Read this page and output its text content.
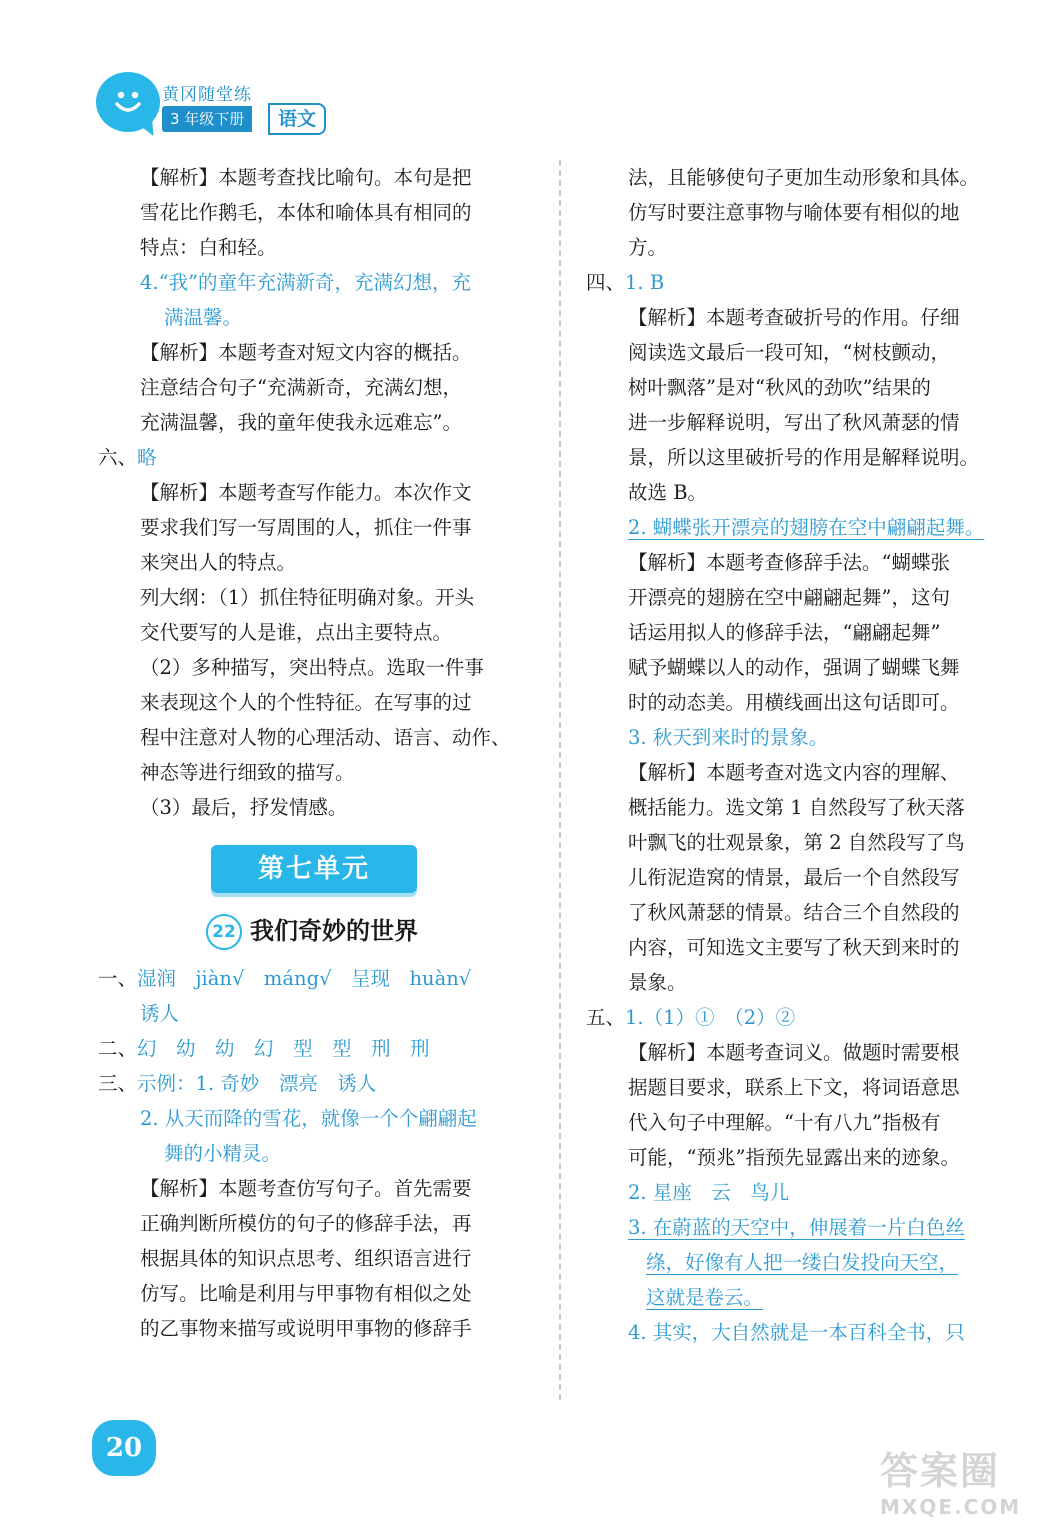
黄冈随堂练
3 年级下册	语文
【解析】本题考查找比喻句。本句是把
雪花比作鹅毛，本体和喻体具有相同的
特点：白和轻。
4.“我”的童年充满新奇，充满幻想，充
满温馨。
【解析】本题考查对短文内容的概括。
注意结合句子“充满新奇，充满幻想，
充满温馨，我的童年使我永远难忘”。
六、略
【解析】本题考查写作能力。本次作文
要求我们写一写周围的人，抓住一件事
来突出人的特点。
列大纲：（1）抓住特征明确对象。开头
交代要写的人是谁，点出主要特点。
（2）多种描写，突出特点。选取一件事
来表现这个人的个性特征。在写事的过
程中注意对人物的心理活动、语言、动作、
神态等进行细致的描写。
（3）最后，抒发情感。
第七单元
22 我们奇妙的世界
一、湿润　jiàn√　máng√　呈现　huàn√
诱人
二、幻　幼　幼　幻　型　型　刑　刑
三、示例：1. 奇妙　漂亮　诱人
2. 从天而降的雪花，就像一个个翩翩起
舞的小精灵。
【解析】本题考查仿写句子。首先需要
正确判断所模仿的句子的修辞手法，再
根据具体的知识点思考、组织语言进行
仿写。比喻是利用与甲事物有相似之处
的乙事物来描写或说明甲事物的修辞手
法，且能够使句子更加生动形象和具体。
仿写时要注意事物与喻体要有相似的地
方。
四、1. B
【解析】本题考查破折号的作用。仔细
阅读选文最后一段可知，“树枝颤动，
树叶飘落”是对“秋风的劲吹”结果的
进一步解释说明，写出了秋风萧瑟的情
景，所以这里破折号的作用是解释说明。
故选 B。
2. 蝴蝶张开漂亮的翅膀在空中翩翩起舞。
【解析】本题考查修辞手法。“蝴蝶张
开漂亮的翅膀在空中翩翩起舞”，这句
话运用拟人的修辞手法，“翩翩起舞”
赋予蝴蝶以人的动作，强调了蝴蝶飞舞
时的动态美。用横线画出这句话即可。
3. 秋天到来时的景象。
【解析】本题考查对选文内容的理解、
概括能力。选文第 1 自然段写了秋天落
叶飘飞的壮观景象，第 2 自然段写了鸟
儿衔泥造窝的情景，最后一个自然段写
了秋风萧瑟的情景。结合三个自然段的
内容，可知选文主要写了秋天到来时的
景象。
五、1.（1）①　（2）②
【解析】本题考查词义。做题时需要根
据题目要求，联系上下文，将词语意思
代入句子中理解。“十有八九”指极有
可能，“预兆”指预先显露出来的迹象。
2. 星座　云　鸟儿
3. 在蔚蓝的天空中，伸展着一片白色丝
绦，好像有人把一缕白发投向天空，
这就是卷云。
4. 其实，大自然就是一本百科全书，只
20
答案圈
MXQE.COM
